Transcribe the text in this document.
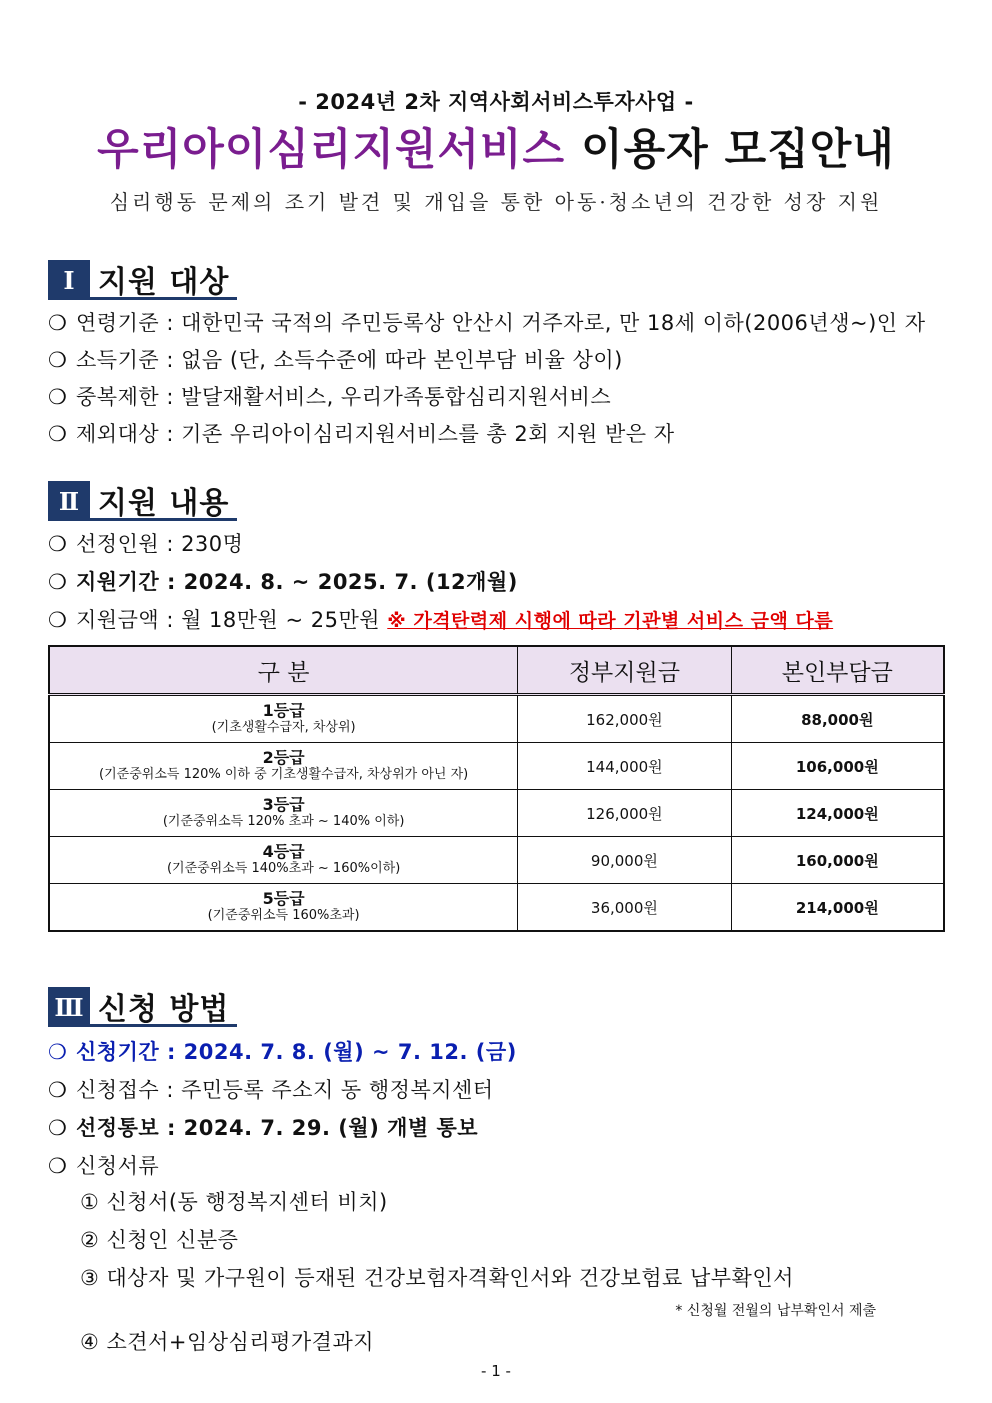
- 2024년 2차 지역사회서비스투자사업 -
우리아이심리지원서비스 이용자 모집안내
심리행동 문제의 조기 발견 및 개입을 통한 아동·청소년의 건강한 성장 지원
Ⅰ 지원 대상
❍ 연령기준 : 대한민국 국적의 주민등록상 안산시 거주자로, 만 18세 이하(2006년생~)인 자
❍ 소득기준 : 없음 (단, 소득수준에 따라 본인부담 비율 상이)
❍ 중복제한 : 발달재활서비스, 우리가족통합심리지원서비스
❍ 제외대상 : 기존 우리아이심리지원서비스를 총 2회 지원 받은 자
Ⅱ 지원 내용
❍ 선정인원 : 230명
❍ 지원기간 : 2024. 8. ~ 2025. 7. (12개월)
❍ 지원금액 : 월 18만원 ~ 25만원 ※ 가격탄력제 시행에 따라 기관별 서비스 금액 다름
구 분	정부지원금	본인부담금

1등급
(기초생활수급자, 차상위)	162,000원	88,000원

2등급
(기준중위소득 120% 이하 중 기초생활수급자, 차상위가 아닌 자)	144,000원	106,000원

3등급
(기준중위소득 120% 초과 ~ 140% 이하)	126,000원	124,000원

4등급
(기준중위소득 140%초과 ~ 160%이하)	90,000원	160,000원

5등급
(기준중위소득 160%초과)	36,000원	214,000원
Ⅲ 신청 방법
❍ 신청기간 : 2024. 7. 8. (월) ~ 7. 12. (금)
❍ 신청접수 : 주민등록 주소지 동 행정복지센터
❍ 선정통보 : 2024. 7. 29. (월) 개별 통보
❍ 신청서류
① 신청서(동 행정복지센터 비치)
② 신청인 신분증
③ 대상자 및 가구원이 등재된 건강보험자격확인서와 건강보험료 납부확인서
* 신청월 전월의 납부확인서 제출
④ 소견서+임상심리평가결과지
- 1 -
